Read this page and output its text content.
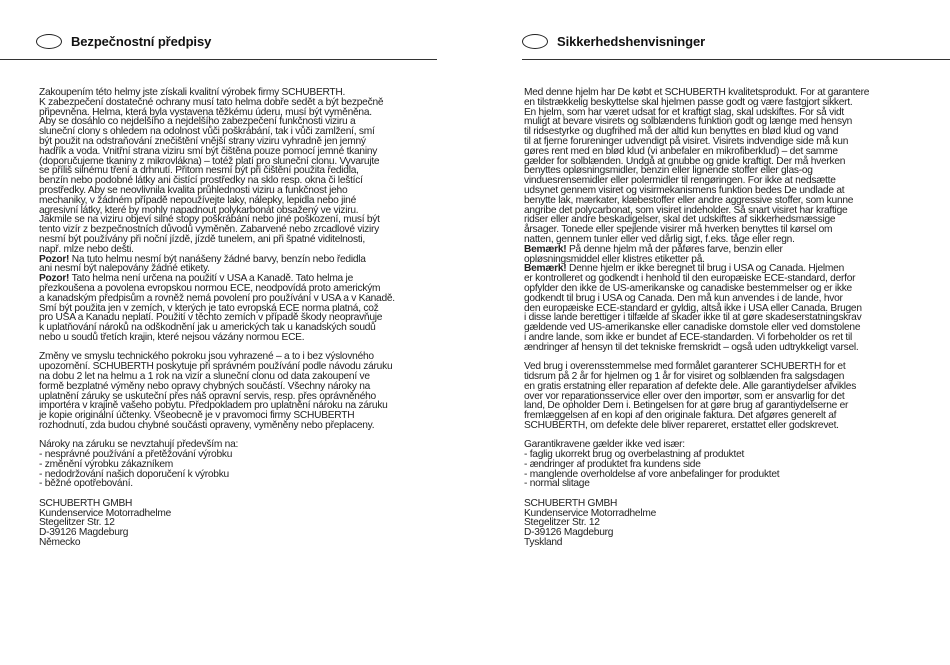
Bezpečnostní předpisy
Zakoupením této helmy jste získali kvalitní výrobek firmy SCHUBERTH.
K zabezpečení dostatečné ochrany musí tato helma dobře sedět a být bezpečně
připevněna. Helma, která byla vystavena těžkému úderu, musí být vyměněna.
Aby se dosáhlo co nejdelšího a nejdelšího zabezpečení funkčnosti viziru a
sluneční clony s ohledem na odolnost vůči poškrábání, tak i vůči zamlžení, smí
být použit na odstraňování znečištění vnější strany viziru vyhradně jen jemný
hadřík a voda. Vnitřní strana viziru smí být čištěna pouze pomocí jemné tkaniny
(doporučujeme tkaniny z mikrovlákna) – totéž platí pro sluneční clonu. Vyvarujte
se příliš silnému tření a drhnutí. Přitom nesmí být při čištění použita ředidla,
benzín nebo podobné látky ani čistící prostředky na sklo resp. okna či leštící
prostředky. Aby se neovlivnila kvalita průhlednosti viziru a funkčnost jeho
mechaniky, v žádném případě nepoužívejte laky, nálepky, lepidla nebo jiné
agresivní látky, které by mohly napadnout polykarbonát obsažený ve viziru.
Jakmile se na viziru objeví silné stopy poškrábání nebo jiné poškození, musí být
tento vizír z bezpečnostních důvodů vyměněn. Zabarvené nebo zrcadlové viziry
nesmí být používány při noční jízdě, jízdě tunelem, ani při špatné viditelnosti,
např. mlze nebo dešti.
Pozor! Na tuto helmu nesmí být nanášeny žádné barvy, benzín nebo ředidla
ani nesmí být nalepovány žádné etikety.
Pozor! Tato helma není určena na použití v USA a Kanadě. Tato helma je
přezkoušena a povolena evropskou normou ECE, neodpovídá proto americkým
a kanadským předpisům a rovněž nemá povolení pro používání v USA a v Kanadě.
Smí být použita jen v zemích, v kterých je tato evropská ECE norma platná, což
pro USA a Kanadu neplatí. Použití v těchto zemích v případě škody neopravňuje
k uplatňování nároků na odškodnění jak u amerických tak u kanadských soudů
nebo u soudů třetích krajin, které nejsou vázány normou ECE.
Změny ve smyslu technického pokroku jsou vyhrazené – a to i bez výslovného
upozornění. SCHUBERTH poskytuje při správném používání podle návodu záruku
na dobu 2 let na helmu a 1 rok na vizír a sluneční clonu od data zakoupení ve
formě bezplatné výměny nebo opravy chybných součástí. Všechny nároky na
uplatnění záruky se uskuteční přes náš opravní servis, resp. přes oprávněného
importéra v krajině vašeho pobytu. Předpokladem pro uplatnění nároku na záruku
je kopie originální účtenky. Všeobecně je v pravomoci firmy SCHUBERTH
rozhodnutí, zda budou chybné součásti opraveny, vyměněny nebo přeplaceny.
Nároky na záruku se nevztahují především na:
- nesprávné používání a přetěžování výrobku
- změnění výrobku zákazníkem
- nedodržování našich doporučení k výrobku
- běžné opotřebování.
SCHUBERTH GMBH
Kundenservice Motorradhelme
Stegelitzer Str. 12
D-39126 Magdeburg
Německo
Sikkerhedshenvisninger
Med denne hjelm har De købt et SCHUBERTH kvalitetsprodukt. For at garantere
en tilstrækkelig beskyttelse skal hjelmen passe godt og være fastgjort sikkert.
En hjelm, som har været udsat for et kraftigt slag, skal udskiftes. For så vidt
muligt at bevare visirets og solblændens funktion godt og længe med hensyn
til ridsestyrke og dugfrihed må der altid kun benyttes en blød klud og vand
til at fjerne forureninger udvendigt på visiret. Visirets indvendige side må kun
gøres rent med en blød klud (vi anbefaler en mikrofiberklud) – det samme
gælder for solblænden. Undgå at gnubbe og gnide kraftigt. Der må hverken
benyttes opløsningsmidler, benzin eller lignende stoffer eller glas-og
vinduesrensemidler eller polermidler til rengøringen. For ikke at nedsætte
udsynet gennem visiret og visirmekanismens funktion bedes De undlade at
benytte lak, mærkater, klæbestoffer eller andre aggressive stoffer, som kunne
angribe det polycarbonat, som visiret indeholder. Så snart visiret har kraftige
ridser eller andre beskadigelser, skal det udskiftes af sikkerhedsmæssige
årsager. Tonede eller spejlende visirer må hverken benyttes til kørsel om
natten, gennem tunler eller ved dårlig sigt, f.eks. tåge eller regn.
Bemærk! På denne hjelm må der påføres farve, benzin eller
opløsningsmiddel eller klistres etiketter på.
Bemærk! Denne hjelm er ikke beregnet til brug i USA og Canada. Hjelmen
er kontrolleret og godkendt i henhold til den europæiske ECE-standard, derfor
opfylder den ikke de US-amerikanske og canadiske bestemmelser og er ikke
godkendt til brug i USA og Canada. Den må kun anvendes i de lande, hvor
den europæiske ECE-standard er gyldig, altså ikke i USA eller Canada. Brugen
i disse lande berettiger i tilfælde af skader ikke til at gøre skadeserstatningskrav
gældende ved US-amerikanske eller canadiske domstole eller ved domstolene
i andre lande, som ikke er bundet af ECE-standarden. Vi forbeholder os ret til
ændringer af hensyn til det tekniske fremskridt – også uden udtrykkeligt varsel.
Ved brug i overensstemmelse med formålet garanterer SCHUBERTH for et
tidsrum på 2 år for hjelmen og 1 år for visiret og solblænden fra salgsdagen
en gratis erstatning eller reparation af defekte dele. Alle garantiydelser afvikles
over vor reparationsservice eller over den importør, som er ansvarlig for det
land, De opholder Dem i. Betingelsen for at gøre brug af garantiydelserne er
fremlæggelsen af en kopi af den originale faktura. Det afgøres generelt af
SCHUBERTH, om defekte dele bliver repareret, erstattet eller godskrevet.
Garantikravene gælder ikke ved især:
- faglig ukorrekt brug og overbelastning af produktet
- ændringer af produktet fra kundens side
- manglende overholdelse af vore anbefalinger for produktet
- normal slitage
SCHUBERTH GMBH
Kundenservice Motorradhelme
Stegelitzer Str. 12
D-39126 Magdeburg
Tyskland
